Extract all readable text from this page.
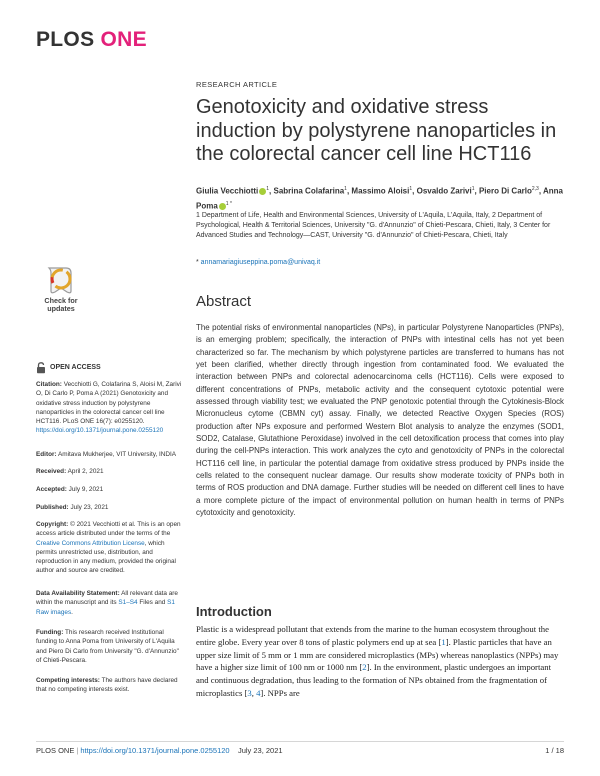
PLOS ONE
RESEARCH ARTICLE
Genotoxicity and oxidative stress induction by polystyrene nanoparticles in the colorectal cancer cell line HCT116
Giulia Vecchiotti $^1$, Sabrina Colafarina$^1$, Massimo Aloisi$^1$, Osvaldo Zarivi$^1$, Piero Di Carlo$^{2,3}$, Anna Poma $^{1 *}$
1 Department of Life, Health and Environmental Sciences, University of L'Aquila, L'Aquila, Italy, 2 Department of Psychological, Health & Territorial Sciences, University "G. d'Annunzio" of Chieti-Pescara, Chieti, Italy, 3 Center for Advanced Studies and Technology—CAST, University "G. d'Annunzio" of Chieti-Pescara, Chieti, Italy
* annamariagiuseppina.poma@univaq.it
Check for
updates
OPEN ACCESS
Citation: Vecchiotti G, Colafarina S, Aloisi M, Zarivi O, Di Carlo P, Poma A (2021) Genotoxicity and oxidative stress induction by polystyrene nanoparticles in the colorectal cancer cell line HCT116. PLoS ONE 16(7): e0255120. https://doi.org/10.1371/journal.pone.0255120
Editor: Amitava Mukherjee, VIT University, INDIA
Received: April 2, 2021
Accepted: July 9, 2021
Published: July 23, 2021
Copyright: © 2021 Vecchiotti et al. This is an open access article distributed under the terms of the Creative Commons Attribution License, which permits unrestricted use, distribution, and reproduction in any medium, provided the original author and source are credited.
Data Availability Statement: All relevant data are within the manuscript and its S1–S4 Files and S1 Raw images.
Funding: This research received Institutional funding to Anna Poma from University of L'Aquila and Piero Di Carlo from University "G. d'Annunzio" of Chieti-Pescara.
Competing interests: The authors have declared that no competing interests exist.
Abstract

The potential risks of environmental nanoparticles (NPs), in particular Polystyrene Nanoparticles (PNPs), is an emerging problem; specifically, the interaction of PNPs with intestinal cells has not yet been characterized so far. The mechanism by which polystyrene particles are transferred to humans has not yet been clarified, whether directly through ingestion from contaminated food. We evaluated the interaction between PNPs and colorectal adenocarcinoma cells (HCT116). Cells were exposed to different concentrations of PNPs, metabolic activity and the consequent cytotoxic potential were assessed through viability test; we evaluated the PNP genotoxic potential through the Cytokinesis-Block Micronucleus cytome (CBMN cyt) assay. Finally, we detected Reactive Oxygen Species (ROS) production after NPs exposure and performed Western Blot analysis to analyze the enzymes (SOD1, SOD2, Catalase, Glutathione Peroxidase) involved in the cell detoxification process that comes into play during the cell-PNPs interaction. This work analyzes the cyto and genotoxicity of PNPs in the colorectal HCT116 cell line, in particular the potential damage from oxidative stress produced by PNPs inside the cells related to the consequent nuclear damage. Our results show moderate toxicity of PNPs both in terms of ROS production and DNA damage. Further studies will be needed on different cell lines to have a more complete picture of the impact of environmental pollution on human health in terms of PNPs cytotoxicity and genotoxicity.

Introduction

Plastic is a widespread pollutant that extends from the marine to the human ecosystem throughout the entire globe. Every year over 8 tons of plastic polymers end up at sea [1]. Plastic particles that have an upper size limit of 5 mm or 1 mm are considered microplastics (MPs) whereas nanoplastics (NPPs) may have a higher size limit of 100 nm or 1000 nm [2]. In the environment, plastic undergoes an important and continuous degradation, thus leading to the formation of NPs obtained from the fragmentation of microplastics [3, 4]. NPPs are

PLOS ONE | https://doi.org/10.1371/journal.pone.0255120 July 23, 2021	1 / 18
